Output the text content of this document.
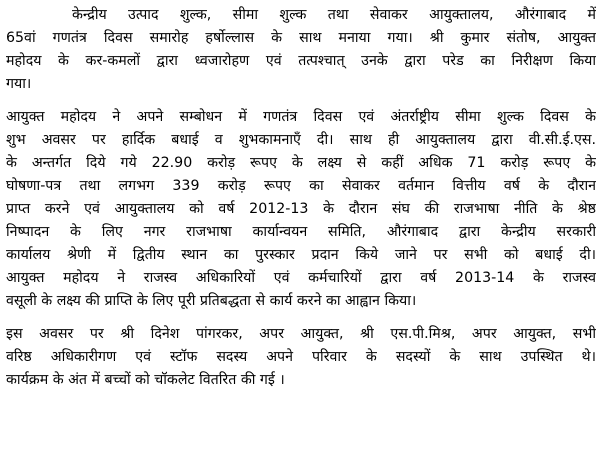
केन्द्रीय उत्पाद शुल्क, सीमा शुल्क तथा सेवाकर आयुक्तालय, औरंगाबाद में
65वां गणतंत्र दिवस समारोह हर्षोल्लास के साथ मनाया गया। श्री कुमार संतोष, आयुक्त
महोदय के कर-कमलों द्वारा ध्वजारोहण एवं तत्पश्चात् उनके द्वारा परेड का निरीक्षण किया
गया।
आयुक्त महोदय ने अपने सम्बोधन में गणतंत्र दिवस एवं अंतर्राष्ट्रीय सीमा शुल्क दिवस के
शुभ अवसर पर हार्दिक बधाई व शुभकामनाएँ दी। साथ ही आयुक्तालय द्वारा वी.सी.ई.एस.
के अन्तर्गत दिये गये 22.90 करोड़ रूपए के लक्ष्य से कहीं अधिक 71 करोड़ रूपए के
घोषणा-पत्र तथा लगभग 339 करोड़ रूपए का सेवाकर वर्तमान वित्तीय वर्ष के दौरान
प्राप्त करने एवं आयुक्तालय को वर्ष 2012-13 के दौरान संघ की राजभाषा नीति के श्रेष्ठ
निष्पादन के लिए नगर राजभाषा कार्यान्वयन समिति, औरंगाबाद द्वारा केन्द्रीय सरकारी
कार्यालय श्रेणी में द्वितीय स्थान का पुरस्कार प्रदान किये जाने पर सभी को बधाई दी।
आयुक्त महोदय ने राजस्व अधिकारियों एवं कर्मचारियों द्वारा वर्ष 2013-14 के राजस्व
वसूली के लक्ष्य की प्राप्ति के लिए पूरी प्रतिबद्धता से कार्य करने का आह्वान किया।
इस अवसर पर श्री दिनेश पांगरकर, अपर आयुक्त, श्री एस.पी.मिश्र, अपर आयुक्त, सभी
वरिष्ठ अधिकारीगण एवं स्टॉफ सदस्य अपने परिवार के सदस्यों के साथ उपस्थित थे।
कार्यक्रम के अंत में बच्चों को चॉकलेट वितरित की गई ।
